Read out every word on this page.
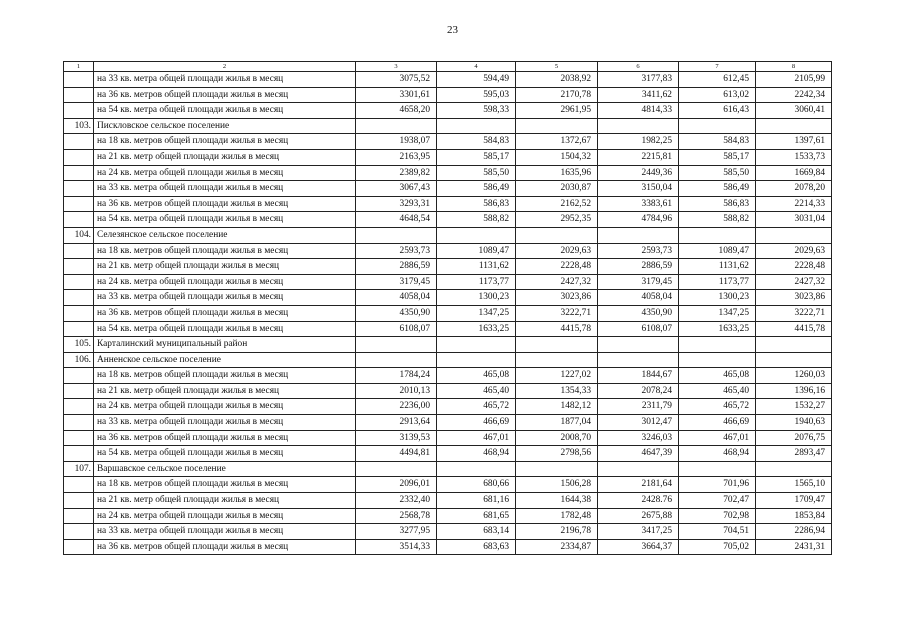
23
1	2	3	4	5	6	7	8
	на 33 кв. метра общей площади жилья в месяц	3075,52	594,49	2038,92	3177,83	612,45	2105,99
	на 36 кв. метров общей площади жилья в месяц	3301,61	595,03	2170,78	3411,62	613,02	2242,34
	на 54 кв. метра общей площади жилья в месяц	4658,20	598,33	2961,95	4814,33	616,43	3060,41
103.	Пискловское сельское поселение						
	на 18 кв. метров общей площади жилья в месяц	1938,07	584,83	1372,67	1982,25	584,83	1397,61
	на 21 кв. метр общей площади жилья в месяц	2163,95	585,17	1504,32	2215,81	585,17	1533,73
	на 24 кв. метра общей площади жилья в месяц	2389,82	585,50	1635,96	2449,36	585,50	1669,84
	на 33 кв. метра общей площади жилья в месяц	3067,43	586,49	2030,87	3150,04	586,49	2078,20
	на 36 кв. метров общей площади жилья в месяц	3293,31	586,83	2162,52	3383,61	586,83	2214,33
	на 54 кв. метра общей площади жилья в месяц	4648,54	588,82	2952,35	4784,96	588,82	3031,04
104.	Селезянское сельское поселение						
	на 18 кв. метров общей площади жилья в месяц	2593,73	1089,47	2029,63	2593,73	1089,47	2029,63
	на 21 кв. метр общей площади жилья в месяц	2886,59	1131,62	2228,48	2886,59	1131,62	2228,48
	на 24 кв. метра общей площади жилья в месяц	3179,45	1173,77	2427,32	3179,45	1173,77	2427,32
	на 33 кв. метра общей площади жилья в месяц	4058,04	1300,23	3023,86	4058,04	1300,23	3023,86
	на 36 кв. метров общей площади жилья в месяц	4350,90	1347,25	3222,71	4350,90	1347,25	3222,71
	на 54 кв. метра общей площади жилья в месяц	6108,07	1633,25	4415,78	6108,07	1633,25	4415,78
105.	Карталинский муниципальный район						
106.	Анненское сельское поселение						
	на 18 кв. метров общей площади жилья в месяц	1784,24	465,08	1227,02	1844,67	465,08	1260,03
	на 21 кв. метр общей площади жилья в месяц	2010,13	465,40	1354,33	2078,24	465,40	1396,16
	на 24 кв. метра общей площади жилья в месяц	2236,00	465,72	1482,12	2311,79	465,72	1532,27
	на 33 кв. метра общей площади жилья в месяц	2913,64	466,69	1877,04	3012,47	466,69	1940,63
	на 36 кв. метров общей площади жилья в месяц	3139,53	467,01	2008,70	3246,03	467,01	2076,75
	на 54 кв. метра общей площади жилья в месяц	4494,81	468,94	2798,56	4647,39	468,94	2893,47
107.	Варшавское сельское поселение						
	на 18 кв. метров общей площади жилья в месяц	2096,01	680,66	1506,28	2181,64	701,96	1565,10
	на 21 кв. метр общей площади жилья в месяц	2332,40	681,16	1644,38	2428.76	702,47	1709,47
	на 24 кв. метра общей площади жилья в месяц	2568,78	681,65	1782,48	2675,88	702,98	1853,84
	на 33 кв. метра общей площади жилья в месяц	3277,95	683,14	2196,78	3417,25	704,51	2286,94
	на 36 кв. метров общей площади жилья в месяц	3514,33	683,63	2334,87	3664,37	705,02	2431,31
